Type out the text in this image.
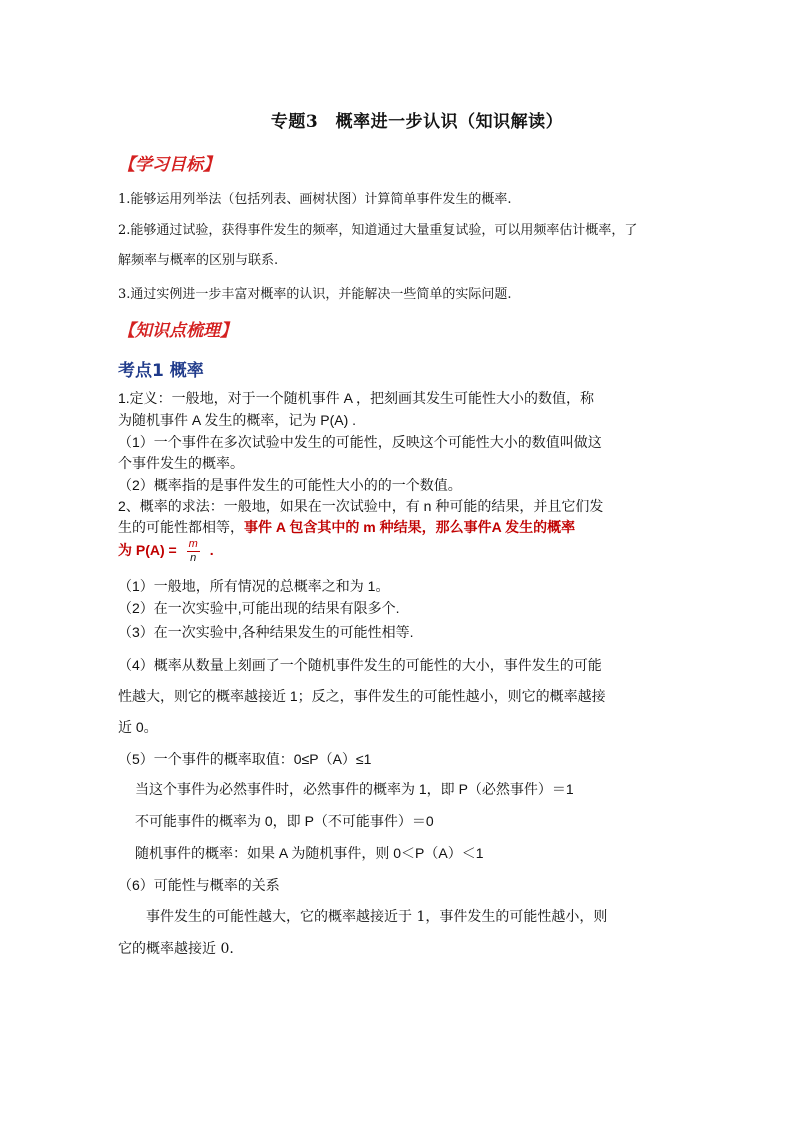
专题3　概率进一步认识（知识解读）
【学习目标】
1.能够运用列举法（包括列表、画树状图）计算简单事件发生的概率.
2.能够通过试验，获得事件发生的频率，知道通过大量重复试验，可以用频率估计概率，了
解频率与概率的区别与联系.
3.通过实例进一步丰富对概率的认识，并能解决一些简单的实际问题.
【知识点梳理】
考点1 概率
1.定义：一般地，对于一个随机事件 A ，把刻画其发生可能性大小的数值，称
为随机事件 A 发生的概率，记为 P(A) .
（1）一个事件在多次试验中发生的可能性，反映这个可能性大小的数值叫做这
个事件发生的概率。
（2）概率指的是事件发生的可能性大小的的一个数值。
2、概率的求法：一般地，如果在一次试验中，有 n 种可能的结果，并且它们发
生的可能性都相等，事件 A 包含其中的 m 种结果，那么事件A 发生的概率
为 $P(A) = \frac{m}{n}$ .
（1）一般地，所有情况的总概率之和为 1。
（2）在一次实验中,可能出现的结果有限多个.
（3）在一次实验中,各种结果发生的可能性相等.
（4）概率从数量上刻画了一个随机事件发生的可能性的大小，事件发生的可能
性越大，则它的概率越接近 1；反之，事件发生的可能性越小，则它的概率越接
近 0。
（5）一个事件的概率取值：0≤P（A）≤1
当这个事件为必然事件时，必然事件的概率为 1，即 P（必然事件）＝1
不可能事件的概率为 0，即 P（不可能事件）＝0
随机事件的概率：如果 A 为随机事件，则 0＜P（A）＜1
（6）可能性与概率的关系
事件发生的可能性越大，它的概率越接近于 1，事件发生的可能性越小，则
它的概率越接近 0.
